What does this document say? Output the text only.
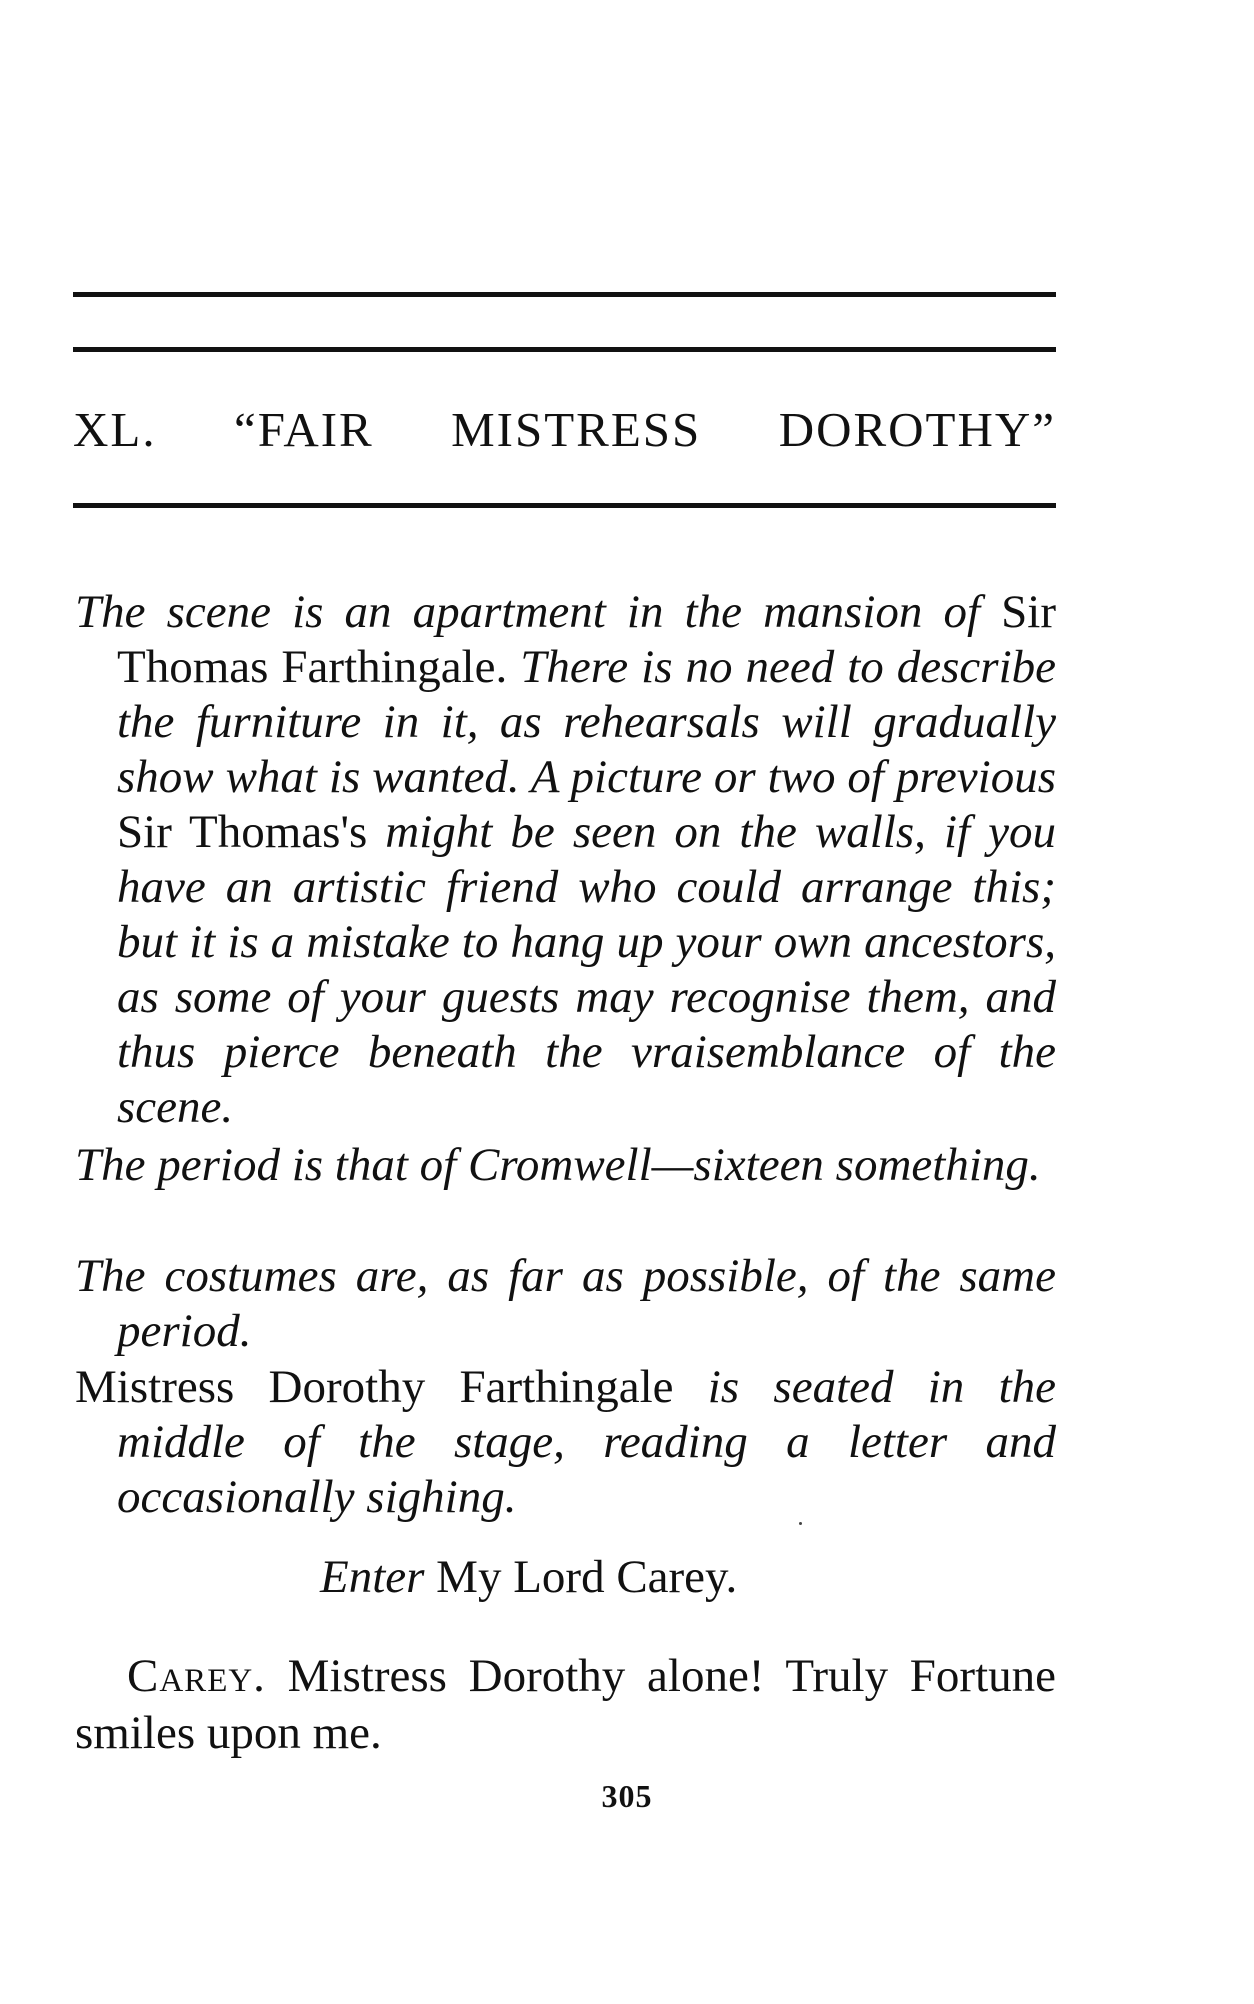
XL. “FAIR MISTRESS DOROTHY”

The scene is an apartment in the mansion of Sir Thomas Farthingale. There is no need to describe the furniture in it, as rehearsals will gradually show what is wanted. A picture or two of previous Sir Thomas's might be seen on the walls, if you have an artistic friend who could arrange this; but it is a mistake to hang up your own ancestors, as some of your guests may recognise them, and thus pierce beneath the vraisemblance of the scene.

The period is that of Cromwell—sixteen something.

The costumes are, as far as possible, of the same period.

Mistress Dorothy Farthingale is seated in the middle of the stage, reading a letter and occasionally sighing.

Enter My Lord Carey.

Carey. Mistress Dorothy alone! Truly Fortune smiles upon me.

305
